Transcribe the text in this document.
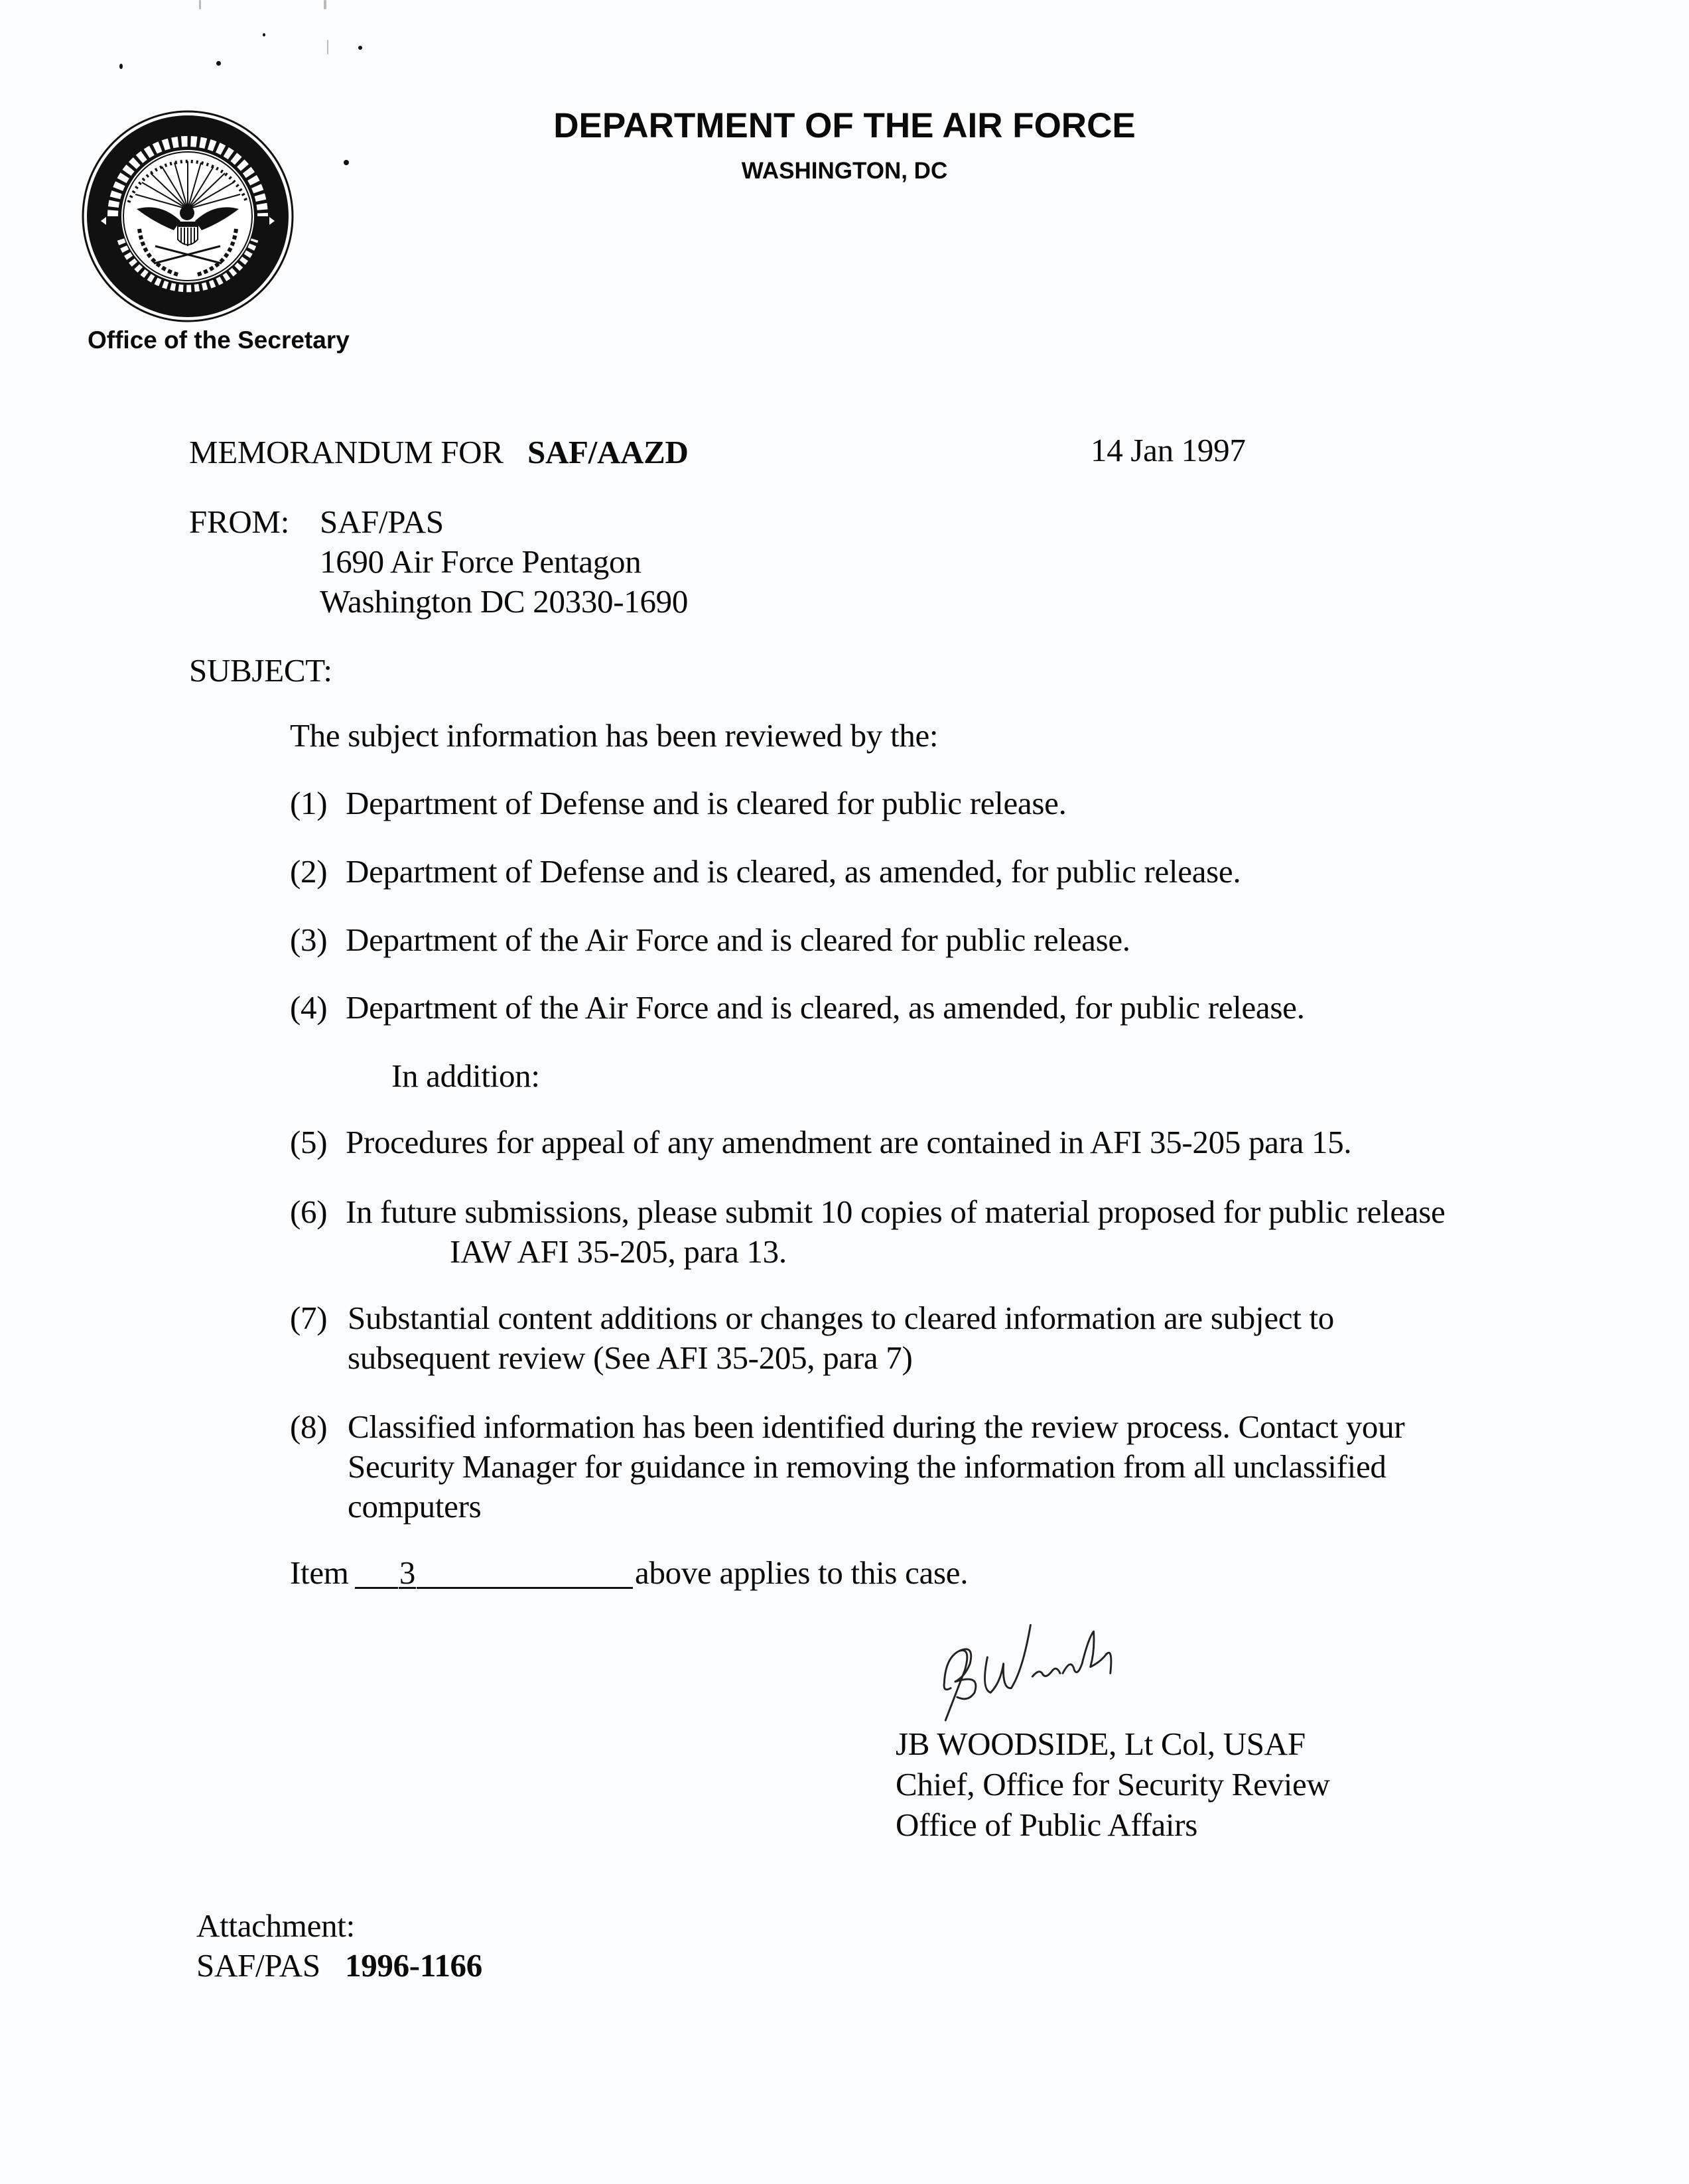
DEPARTMENT OF THE AIR FORCE
WASHINGTON, DC
Office of the Secretary
MEMORANDUM FOR SAF/AAZD	14 Jan 1997
FROM: SAF/PAS
1690 Air Force Pentagon
Washington DC 20330-1690
SUBJECT:
The subject information has been reviewed by the:
(1) Department of Defense and is cleared for public release.
(2) Department of Defense and is cleared, as amended, for public release.
(3) Department of the Air Force and is cleared for public release.
(4) Department of the Air Force and is cleared, as amended, for public release.
In addition:
(5) Procedures for appeal of any amendment are contained in AFI 35-205 para 15.
(6) In future submissions, please submit 10 copies of material proposed for public release
IAW AFI 35-205, para 13.
(7) Substantial content additions or changes to cleared information are subject to
subsequent review (See AFI 35-205, para 7)
(8) Classified information has been identified during the review process. Contact your
Security Manager for guidance in removing the information from all unclassified
computers
Item 3	above applies to this case.
JB WOODSIDE, Lt Col, USAF
Chief, Office for Security Review
Office of Public Affairs
Attachment:
SAF/PAS 1996-1166
